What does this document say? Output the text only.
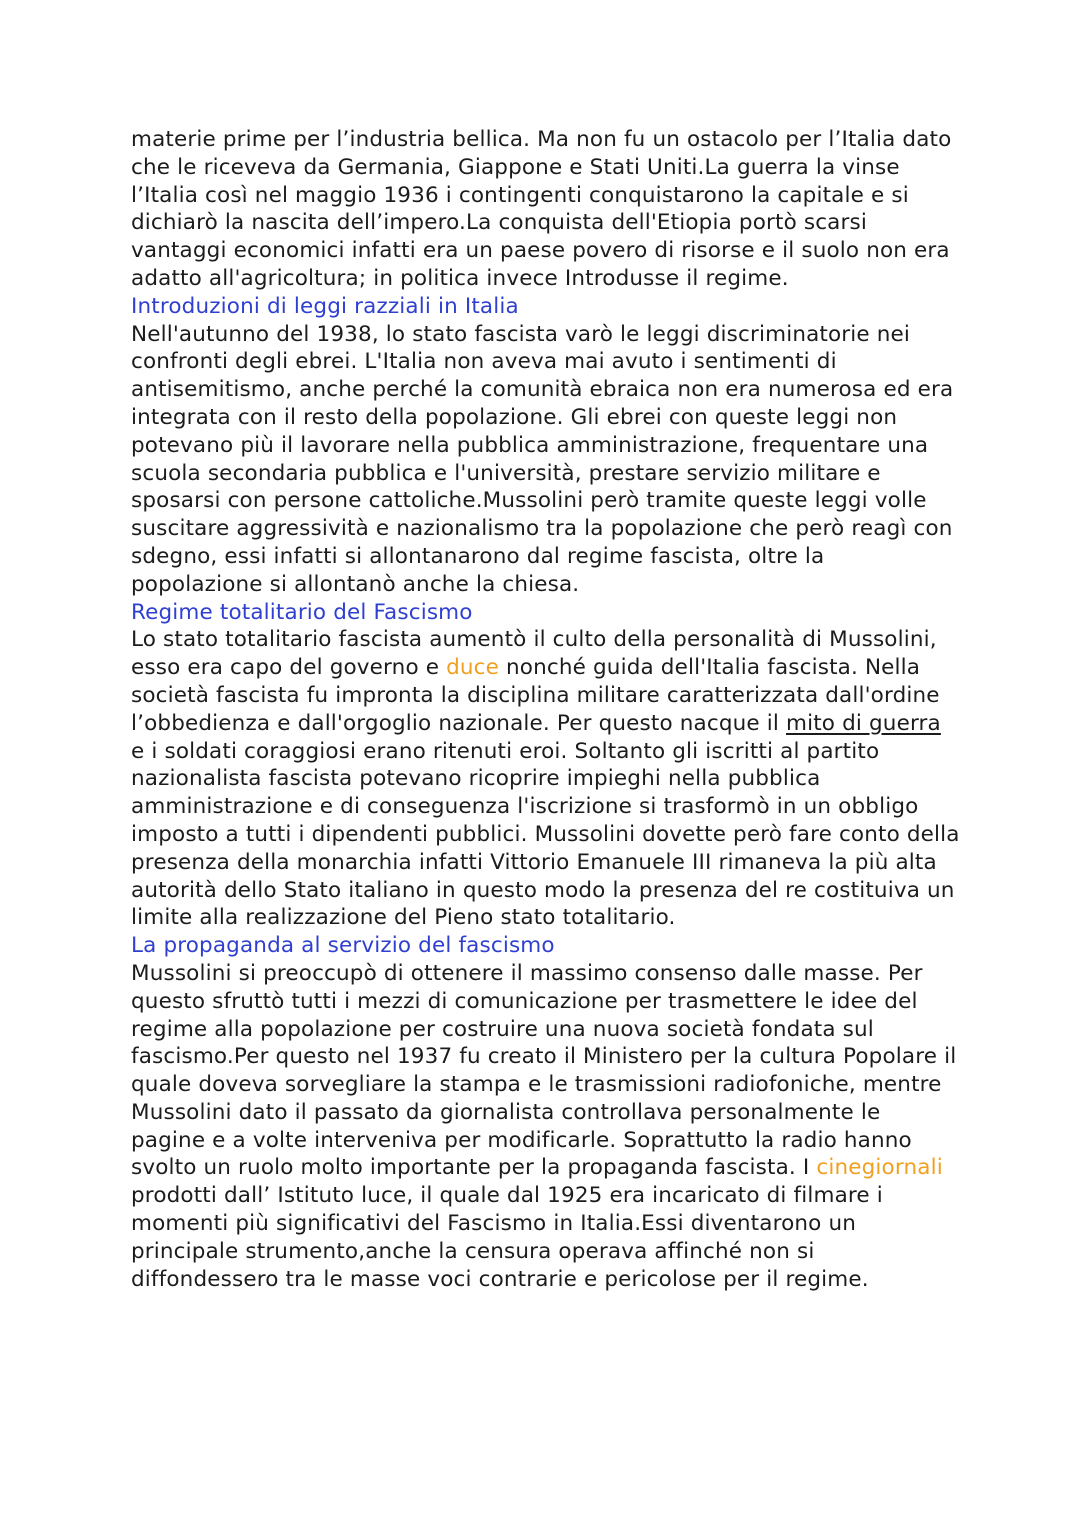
materie prime per l’industria bellica. Ma non fu un ostacolo per l’Italia dato che le riceveva da Germania, Giappone e Stati Uniti.La guerra la vinse l’Italia così nel maggio 1936 i contingenti conquistarono la capitale e si dichiarò la nascita dell’impero.La conquista dell'Etiopia portò scarsi vantaggi economici infatti era un paese povero di risorse e il suolo non era adatto all'agricoltura; in politica invece Introdusse il regime.
Introduzioni di leggi razziali in Italia
Nell'autunno del 1938, lo stato fascista varò le leggi discriminatorie nei confronti degli ebrei. L'Italia non aveva mai avuto i sentimenti di antisemitismo, anche perché la comunità ebraica non era numerosa ed era integrata con il resto della popolazione. Gli ebrei con queste leggi non potevano più il lavorare nella pubblica amministrazione, frequentare una scuola secondaria pubblica e l'università, prestare servizio militare e sposarsi con persone cattoliche.Mussolini però tramite queste leggi volle suscitare aggressività e nazionalismo tra la popolazione che però reagì con sdegno, essi infatti si allontanarono dal regime fascista, oltre la popolazione si allontanò anche la chiesa.
Regime totalitario del Fascismo
Lo stato totalitario fascista aumentò il culto della personalità di Mussolini, esso era capo del governo e duce nonché guida dell'Italia fascista. Nella società fascista fu impronta la disciplina militare caratterizzata dall'ordine l’obbedienza e dall'orgoglio nazionale. Per questo nacque il mito di guerra e i soldati coraggiosi erano ritenuti eroi. Soltanto gli iscritti al partito nazionalista fascista potevano ricoprire impieghi nella pubblica amministrazione e di conseguenza l'iscrizione si trasformò in un obbligo imposto a tutti i dipendenti pubblici. Mussolini dovette però fare conto della presenza della monarchia infatti Vittorio Emanuele III rimaneva la più alta autorità dello Stato italiano in questo modo la presenza del re costituiva un limite alla realizzazione del Pieno stato totalitario.
La propaganda al servizio del fascismo
Mussolini si preoccupò di ottenere il massimo consenso dalle masse. Per questo sfruttò tutti i mezzi di comunicazione per trasmettere le idee del regime alla popolazione per costruire una nuova società fondata sul fascismo.Per questo nel 1937 fu creato il Ministero per la cultura Popolare il quale doveva sorvegliare la stampa e le trasmissioni radiofoniche, mentre Mussolini dato il passato da giornalista controllava personalmente le pagine e a volte interveniva per modificarle. Soprattutto la radio hanno svolto un ruolo molto importante per la propaganda fascista. I cinegiornali prodotti dall’ Istituto luce, il quale dal 1925 era incaricato di filmare i momenti più significativi del Fascismo in Italia.Essi diventarono un principale strumento,anche la censura operava affinché non si diffondessero tra le masse voci contrarie e pericolose per il regime.
